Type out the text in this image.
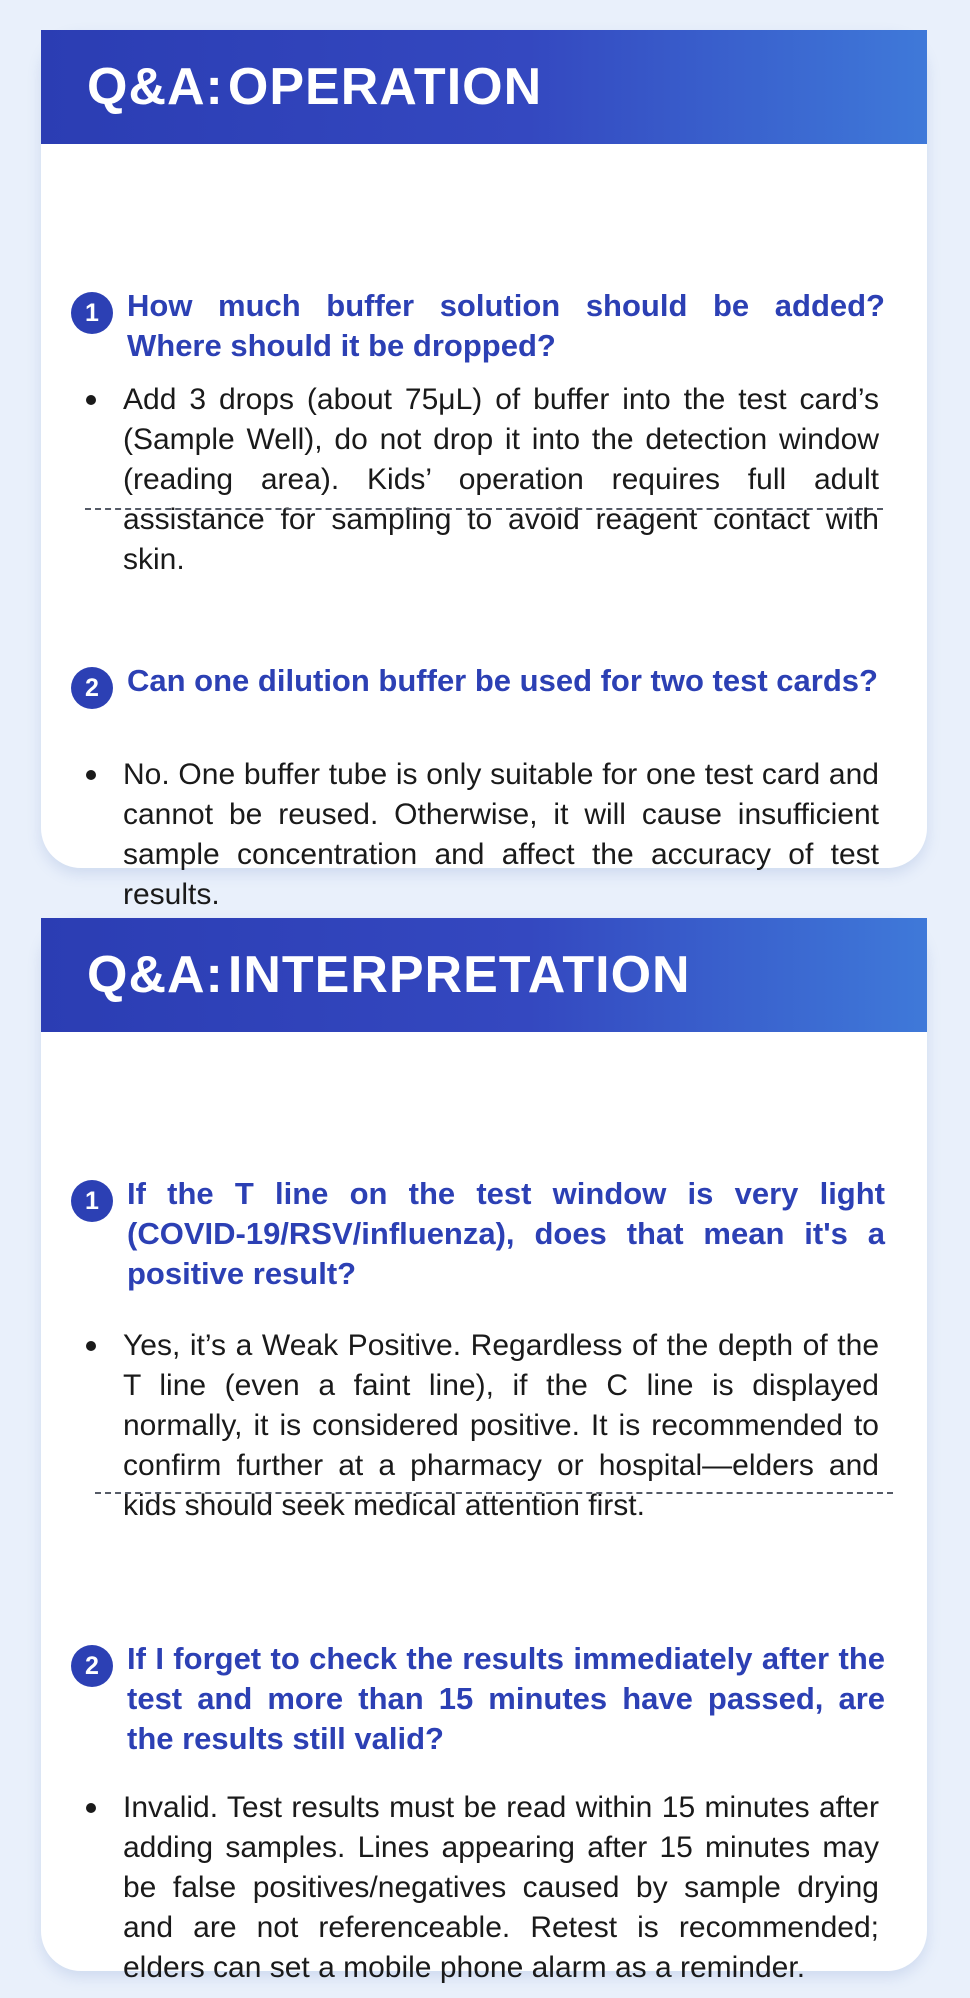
Q&A: OPERATION
1 How much buffer solution should be added? Where should it be dropped?
Add 3 drops (about 75μL) of buffer into the test card’s (Sample Well), do not drop it into the detection window (reading area). Kids’ operation requires full adult assistance for sampling to avoid reagent contact with skin.
2 Can one dilution buffer be used for two test cards?
No. One buffer tube is only suitable for one test card and cannot be reused. Otherwise, it will cause insufficient sample concentration and affect the accuracy of test results.
Q&A: INTERPRETATION
1 If the T line on the test window is very light (COVID-19/RSV/influenza), does that mean it's a positive result?
Yes, it’s a Weak Positive. Regardless of the depth of the T line (even a faint line), if the C line is displayed normally, it is considered positive. It is recommended to confirm further at a pharmacy or hospital—elders and kids should seek medical attention first.
2 If I forget to check the results immediately after the test and more than 15 minutes have passed, are the results still valid?
Invalid. Test results must be read within 15 minutes after adding samples. Lines appearing after 15 minutes may be false positives/negatives caused by sample drying and are not referenceable. Retest is recommended; elders can set a mobile phone alarm as a reminder.
